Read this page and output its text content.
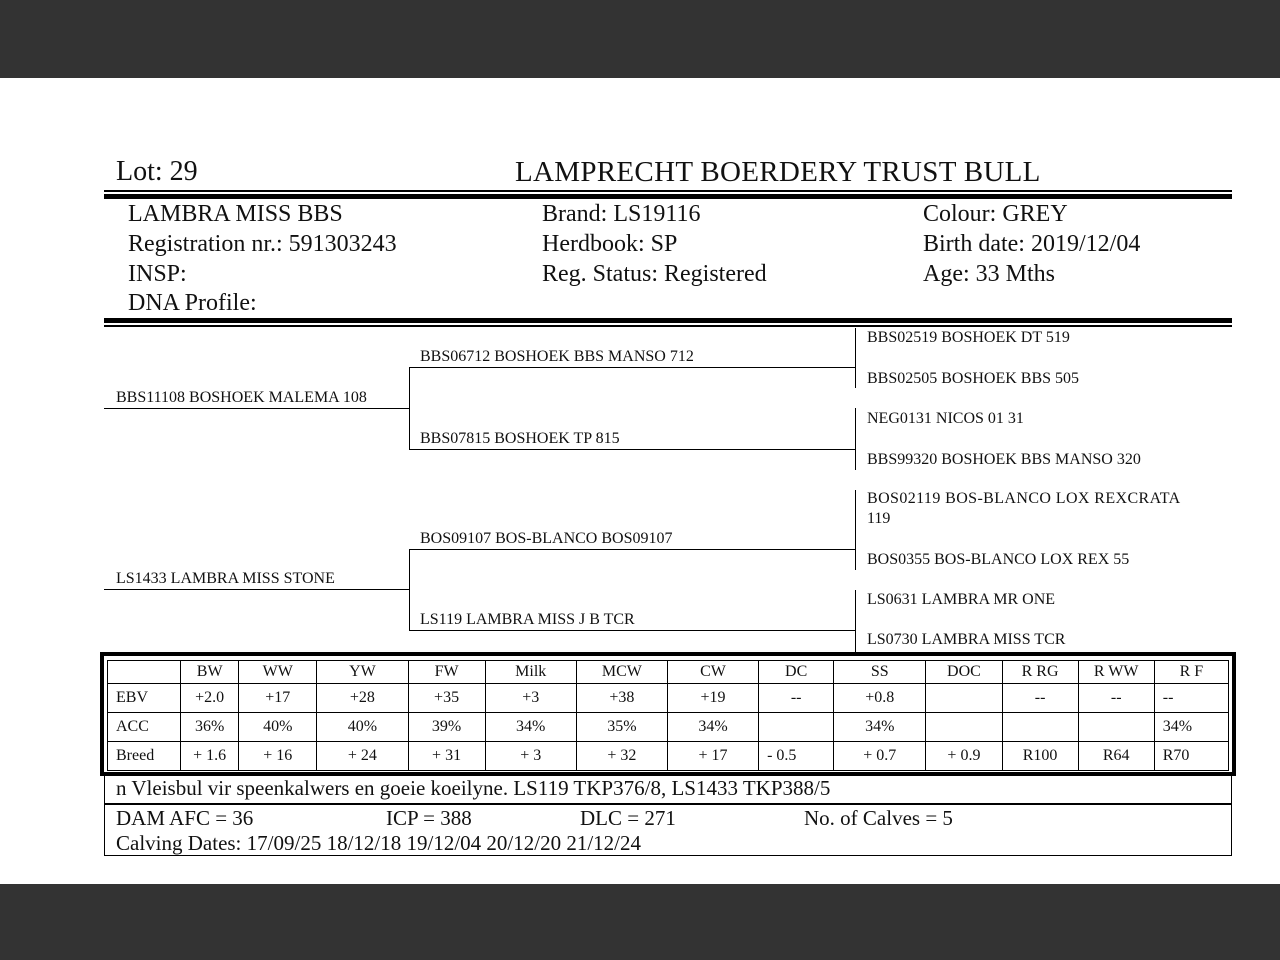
Lot: 29	LAMPRECHT BOERDERY TRUST BULL
LAMBRA MISS BBS
Registration nr.: 591303243
INSP:
DNA Profile:
Brand: LS19116
Herdbook: SP
Reg. Status: Registered
Colour: GREY
Birth date: 2019/12/04
Age: 33 Mths
BBS11108 BOSHOEK MALEMA 108
LS1433 LAMBRA MISS STONE
BBS06712 BOSHOEK BBS MANSO 712
BBS07815 BOSHOEK TP 815
BOS09107 BOS-BLANCO BOS09107
LS119 LAMBRA MISS J B TCR
BBS02519 BOSHOEK DT 519
BBS02505 BOSHOEK BBS 505
NEG0131 NICOS 01 31
BBS99320 BOSHOEK BBS MANSO 320
BOS02119 BOS-BLANCO LOX REXCRATA
119
BOS0355 BOS-BLANCO LOX REX 55
LS0631 LAMBRA MR ONE
LS0730 LAMBRA MISS TCR
	BW	WW	YW	FW	Milk	MCW	CW	DC	SS	DOC	R RG	R WW	R F
EBV	+2.0	+17	+28	+35	+3	+38	+19	--	+0.8		--	--	--
ACC	36%	40%	40%	39%	34%	35%	34%		34%				34%
Breed	+ 1.6	+ 16	+ 24	+ 31	+ 3	+ 32	+ 17	- 0.5	+ 0.7	+ 0.9	R100	R64	R70
n Vleisbul vir speenkalwers en goeie koeilyne. LS119 TKP376/8, LS1433 TKP388/5
DAM AFC = 36	ICP = 388	DLC = 271	No. of Calves = 5
Calving Dates: 17/09/25 18/12/18 19/12/04 20/12/20 21/12/24
